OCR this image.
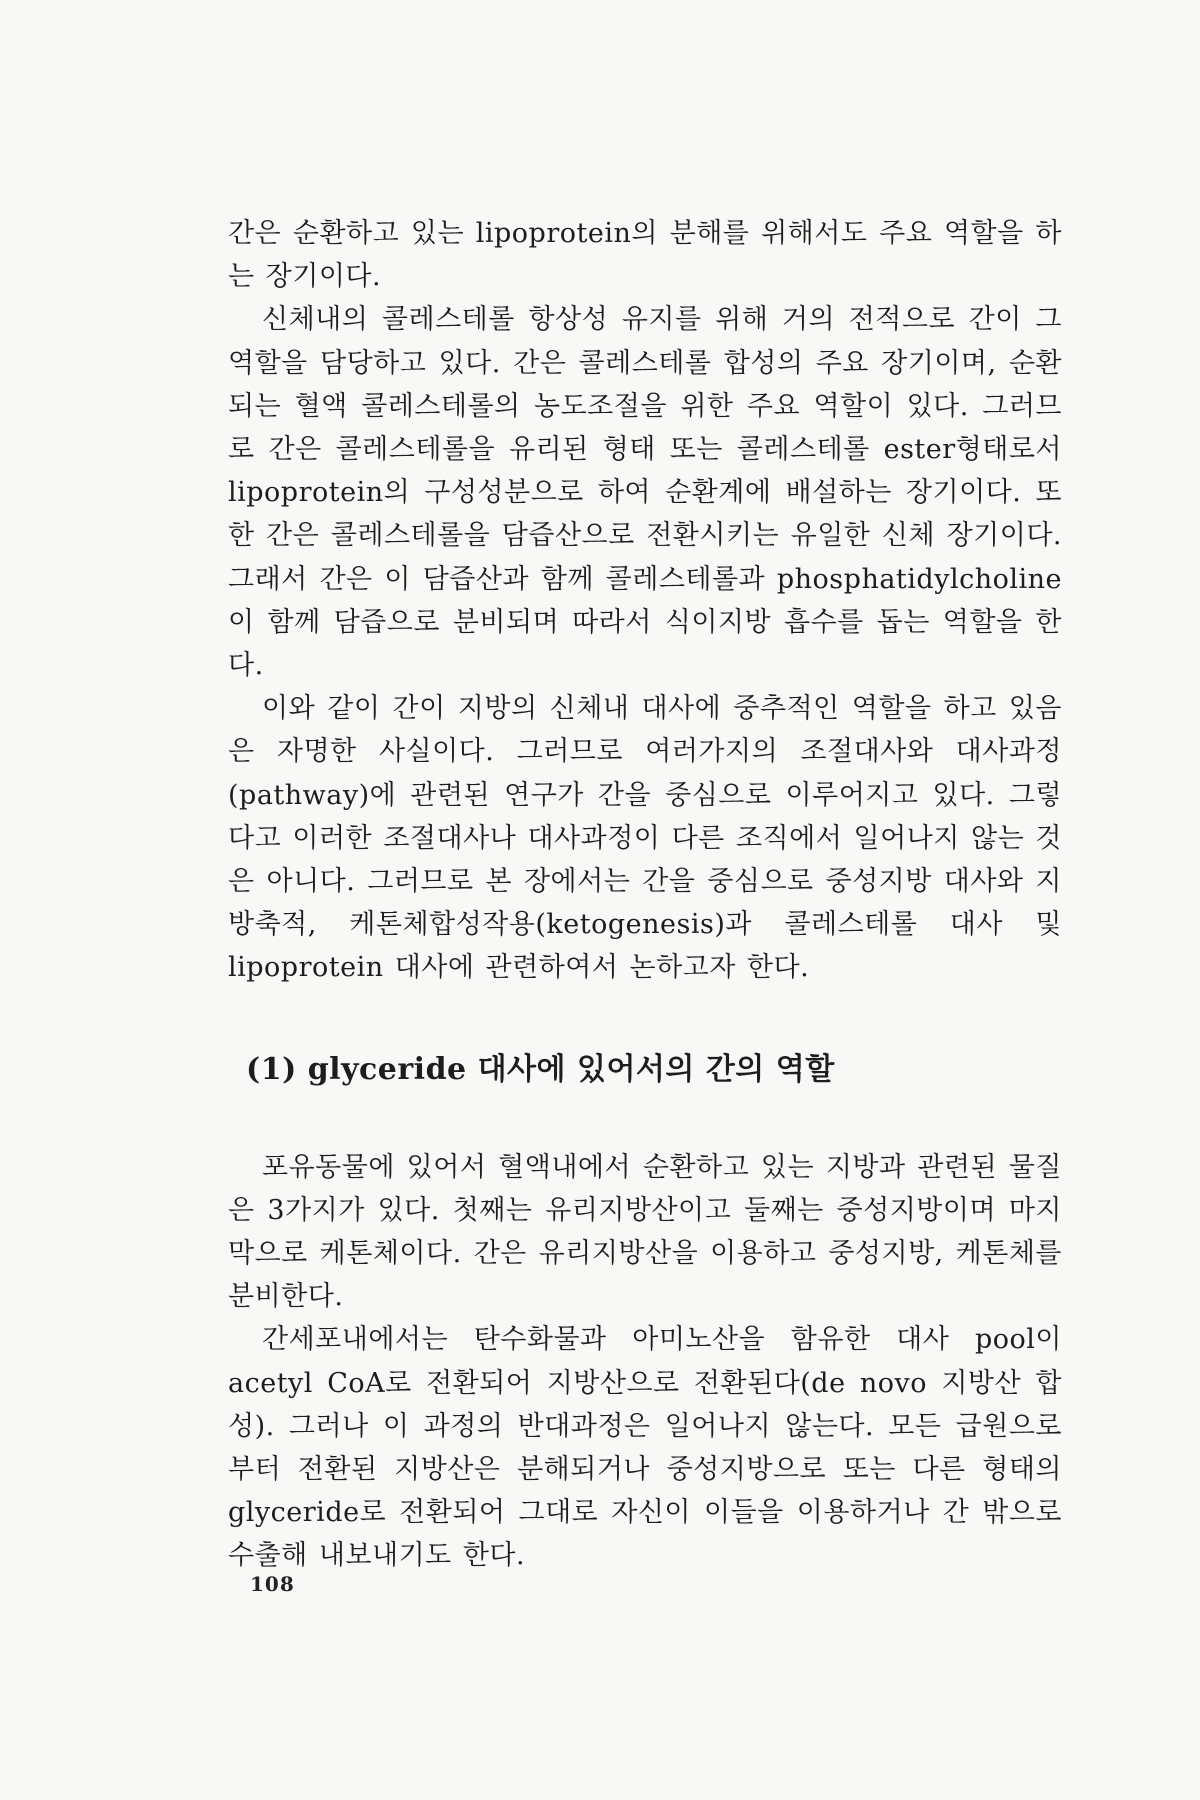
간은 순환하고 있는 lipoprotein의 분해를 위해서도 주요 역할을 하는 장기이다.

신체내의 콜레스테롤 항상성 유지를 위해 거의 전적으로 간이 그 역할을 담당하고 있다. 간은 콜레스테롤 합성의 주요 장기이며, 순환되는 혈액 콜레스테롤의 농도조절을 위한 주요 역할이 있다. 그러므로 간은 콜레스테롤을 유리된 형태 또는 콜레스테롤 ester형태로서 lipoprotein의 구성성분으로 하여 순환계에 배설하는 장기이다. 또한 간은 콜레스테롤을 담즙산으로 전환시키는 유일한 신체 장기이다. 그래서 간은 이 담즙산과 함께 콜레스테롤과 phosphatidylcholine이 함께 담즙으로 분비되며 따라서 식이지방 흡수를 돕는 역할을 한다.

이와 같이 간이 지방의 신체내 대사에 중추적인 역할을 하고 있음은 자명한 사실이다. 그러므로 여러가지의 조절대사와 대사과정(pathway)에 관련된 연구가 간을 중심으로 이루어지고 있다. 그렇다고 이러한 조절대사나 대사과정이 다른 조직에서 일어나지 않는 것은 아니다. 그러므로 본 장에서는 간을 중심으로 중성지방 대사와 지방축적, 케톤체합성작용(ketogenesis)과 콜레스테롤 대사 및 lipoprotein 대사에 관련하여서 논하고자 한다.

(1) glyceride 대사에 있어서의 간의 역할

포유동물에 있어서 혈액내에서 순환하고 있는 지방과 관련된 물질은 3가지가 있다. 첫째는 유리지방산이고 둘째는 중성지방이며 마지막으로 케톤체이다. 간은 유리지방산을 이용하고 중성지방, 케톤체를 분비한다.

간세포내에서는 탄수화물과 아미노산을 함유한 대사 pool이 acetyl CoA로 전환되어 지방산으로 전환된다(de novo 지방산 합성). 그러나 이 과정의 반대과정은 일어나지 않는다. 모든 급원으로부터 전환된 지방산은 분해되거나 중성지방으로 또는 다른 형태의 glyceride로 전환되어 그대로 자신이 이들을 이용하거나 간 밖으로 수출해 내보내기도 한다.

108
